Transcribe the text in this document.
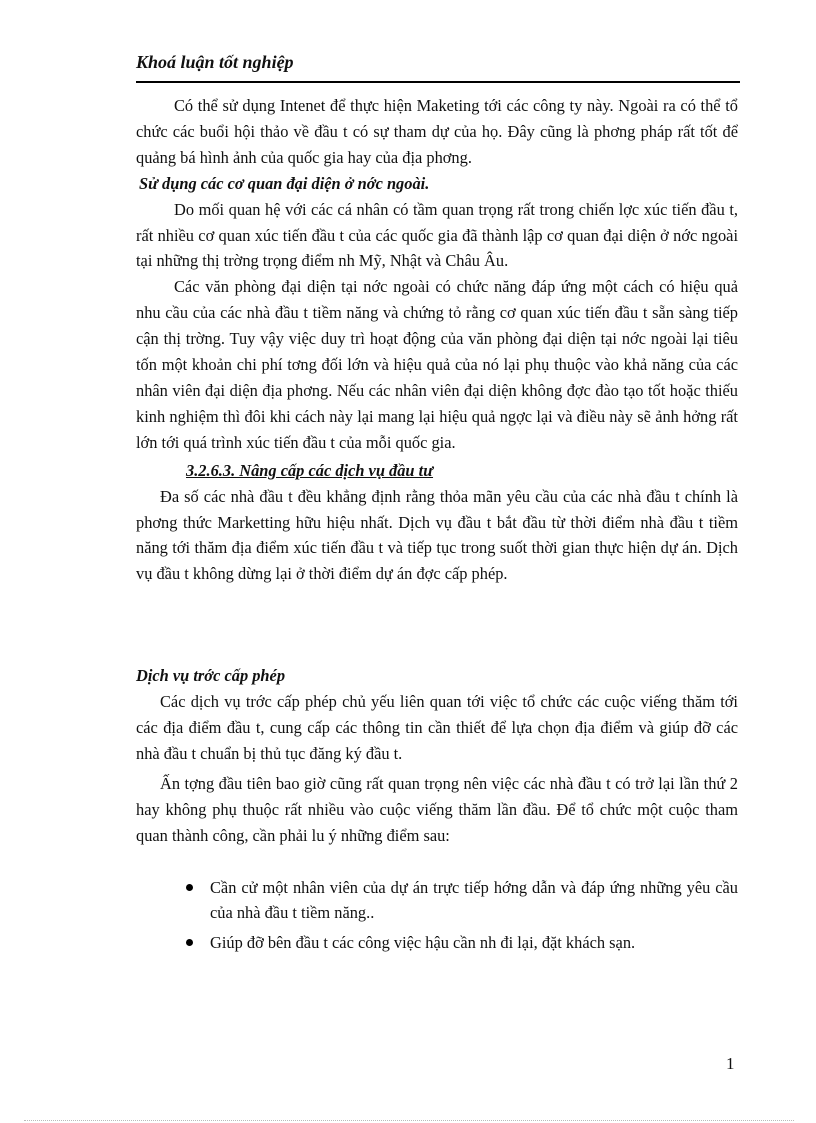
Khoá luận tốt nghiệp

Có thể sử dụng Intenet để thực hiện Maketing tới các công ty này. Ngoài ra có thể tổ chức các buổi hội thảo về đầu t có sự tham dự của họ. Đây cũng là phơng pháp rất tốt để quảng bá hình ảnh của quốc gia hay của địa phơng.

Sử dụng các cơ quan đại diện ở nớc ngoài.

Do mối quan hệ với các cá nhân có tầm quan trọng rất trong chiến lợc xúc tiến đầu t, rất nhiều cơ quan xúc tiến đầu t của các quốc gia đã thành lập cơ quan đại diện ở nớc ngoài tại những thị trờng trọng điểm nh Mỹ, Nhật và Châu Âu.

Các văn phòng đại diện tại nớc ngoài có chức năng đáp ứng một cách có hiệu quả nhu cầu của các nhà đầu t tiềm năng và chứng tỏ rằng cơ quan xúc tiến đầu t sẵn sàng tiếp cận thị trờng. Tuy vậy việc duy trì hoạt động của văn phòng đại diện tại nớc ngoài lại tiêu tốn một khoản chi phí tơng đối lớn và hiệu quả của nó lại phụ thuộc vào khả năng của các nhân viên đại diện địa phơng. Nếu các nhân viên đại diện không đợc đào tạo tốt hoặc thiếu kinh nghiệm thì đôi khi cách này lại mang lại hiệu quả ngợc lại và điều này sẽ ảnh hởng rất lớn tới quá trình xúc tiến đầu t của mỗi quốc gia.

3.2.6.3. Nâng cấp các dịch vụ đầu tư

Đa số các nhà đầu t đều khẳng định rằng thỏa mãn yêu cầu của các nhà đầu t chính là phơng thức Marketting hữu hiệu nhất. Dịch vụ đầu t bắt đầu từ thời điểm nhà đầu t tiềm năng tới thăm địa điểm xúc tiến đầu t và tiếp tục trong suốt thời gian thực hiện dự án. Dịch vụ đầu t không dừng lại ở thời điểm dự án đợc cấp phép.

Dịch vụ trớc cấp phép

Các dịch vụ trớc cấp phép chủ yếu liên quan tới việc tổ chức các cuộc viếng thăm tới các địa điểm đầu t, cung cấp các thông tin cần thiết để lựa chọn địa điểm và giúp đỡ các nhà đầu t chuẩn bị thủ tục đăng ký đầu t.

Ấn tợng đầu tiên bao giờ cũng rất quan trọng nên việc các nhà đầu t có trở lại lần thứ 2 hay không phụ thuộc rất nhiều vào cuộc viếng thăm lần đầu. Để tổ chức một cuộc tham quan thành công, cần phải lu ý những điểm sau:

Cần cử một nhân viên của dự án trực tiếp hớng dẫn và đáp ứng những yêu cầu của nhà đầu t tiềm năng..
Giúp đỡ bên đầu t các công việc hậu cần nh đi lại, đặt khách sạn.
1
